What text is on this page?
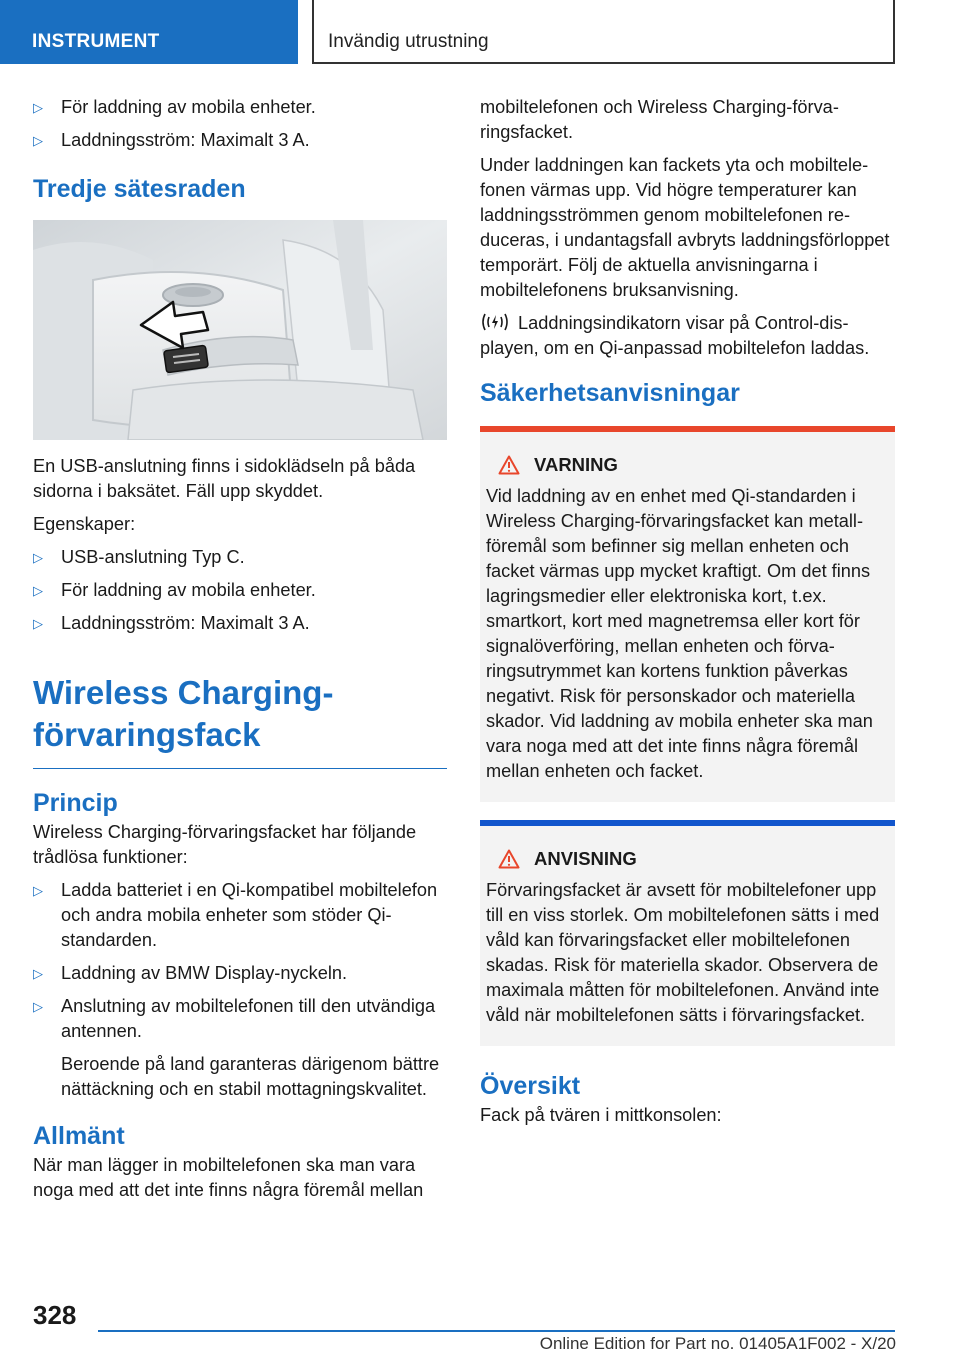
INSTRUMENT	Invändig utrustning
▷ För laddning av mobila enheter.
▷ Laddningsström: Maximalt 3 A.
Tredje sätesraden

En USB-anslutning finns i sidoklädseln på båda sidorna i baksätet. Fäll upp skyddet.

Egenskaper:

▷ USB-anslutning Typ C.
▷ För laddning av mobila enheter.
▷ Laddningsström: Maximalt 3 A.
Wireless Charging-förvaringsfack
Princip

Wireless Charging-förvaringsfacket har följande trådlösa funktioner:

▷ Ladda batteriet i en Qi-kompatibel mobiltelefon och andra mobila enheter som stöder Qi-standarden.
▷ Laddning av BMW Display-nyckeln.
▷ Anslutning av mobiltelefonen till den utvändiga antennen.

Beroende på land garanteras därigenom bättre nättäckning och en stabil mottagningskvalitet.

Allmänt

När man lägger in mobiltelefonen ska man vara noga med att det inte finns några föremål mellan

mobiltelefonen och Wireless Charging-förvaringsfacket.

Under laddningen kan fackets yta och mobiltelefonen värmas upp. Vid högre temperaturer kan laddningsströmmen genom mobiltelefonen reduceras, i undantagsfall avbryts laddningsförloppet temporärt. Följ de aktuella anvisningarna i mobiltelefonens bruksanvisning.

Laddningsindikatorn visar på Control-displayen, om en Qi-anpassad mobiltelefon laddas.

Säkerhetsanvisningar
VARNING

Vid laddning av en enhet med Qi-standarden i Wireless Charging-förvaringsfacket kan metallföremål som befinner sig mellan enheten och facket värmas upp mycket kraftigt. Om det finns lagringsmedier eller elektroniska kort, t.ex. smartkort, kort med magnetremsa eller kort för signalöverföring, mellan enheten och förvaringsutrymmet kan kortens funktion påverkas negativt. Risk för personskador och materiella skador. Vid laddning av mobila enheter ska man vara noga med att det inte finns några föremål mellan enheten och facket.

ANVISNING

Förvaringsfacket är avsett för mobiltelefoner upp till en viss storlek. Om mobiltelefonen sätts i med våld kan förvaringsfacket eller mobiltelefonen skadas. Risk för materiella skador. Observera de maximala måtten för mobiltelefonen. Använd inte våld när mobiltelefonen sätts i förvaringsfacket.

Översikt

Fack på tvären i mittkonsolen:

328
Online Edition for Part no. 01405A1F002 - X/20
